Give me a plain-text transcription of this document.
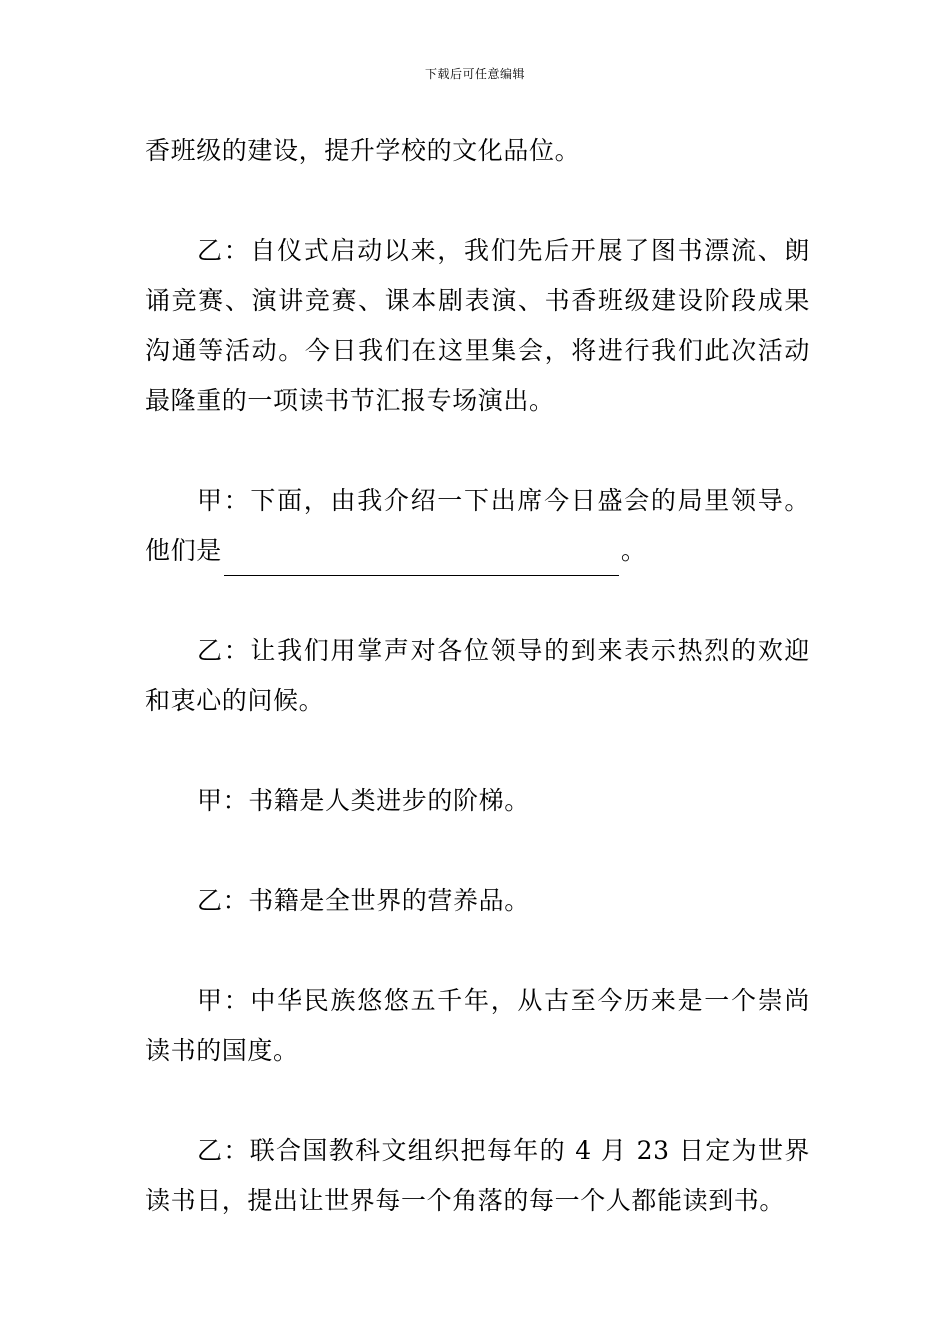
下载后可任意编辑

香班级的建设，提升学校的文化品位。

乙：自仪式启动以来，我们先后开展了图书漂流、朗诵竞赛、演讲竞赛、课本剧表演、书香班级建设阶段成果沟通等活动。今日我们在这里集会，将进行我们此次活动最隆重的一项读书节汇报专场演出。

甲：下面，由我介绍一下出席今日盛会的局里领导。他们是	。

乙：让我们用掌声对各位领导的到来表示热烈的欢迎和衷心的问候。

甲：书籍是人类进步的阶梯。

乙：书籍是全世界的营养品。

甲：中华民族悠悠五千年，从古至今历来是一个崇尚读书的国度。

乙：联合国教科文组织把每年的 4 月 23 日定为世界读书日，提出让世界每一个角落的每一个人都能读到书。
